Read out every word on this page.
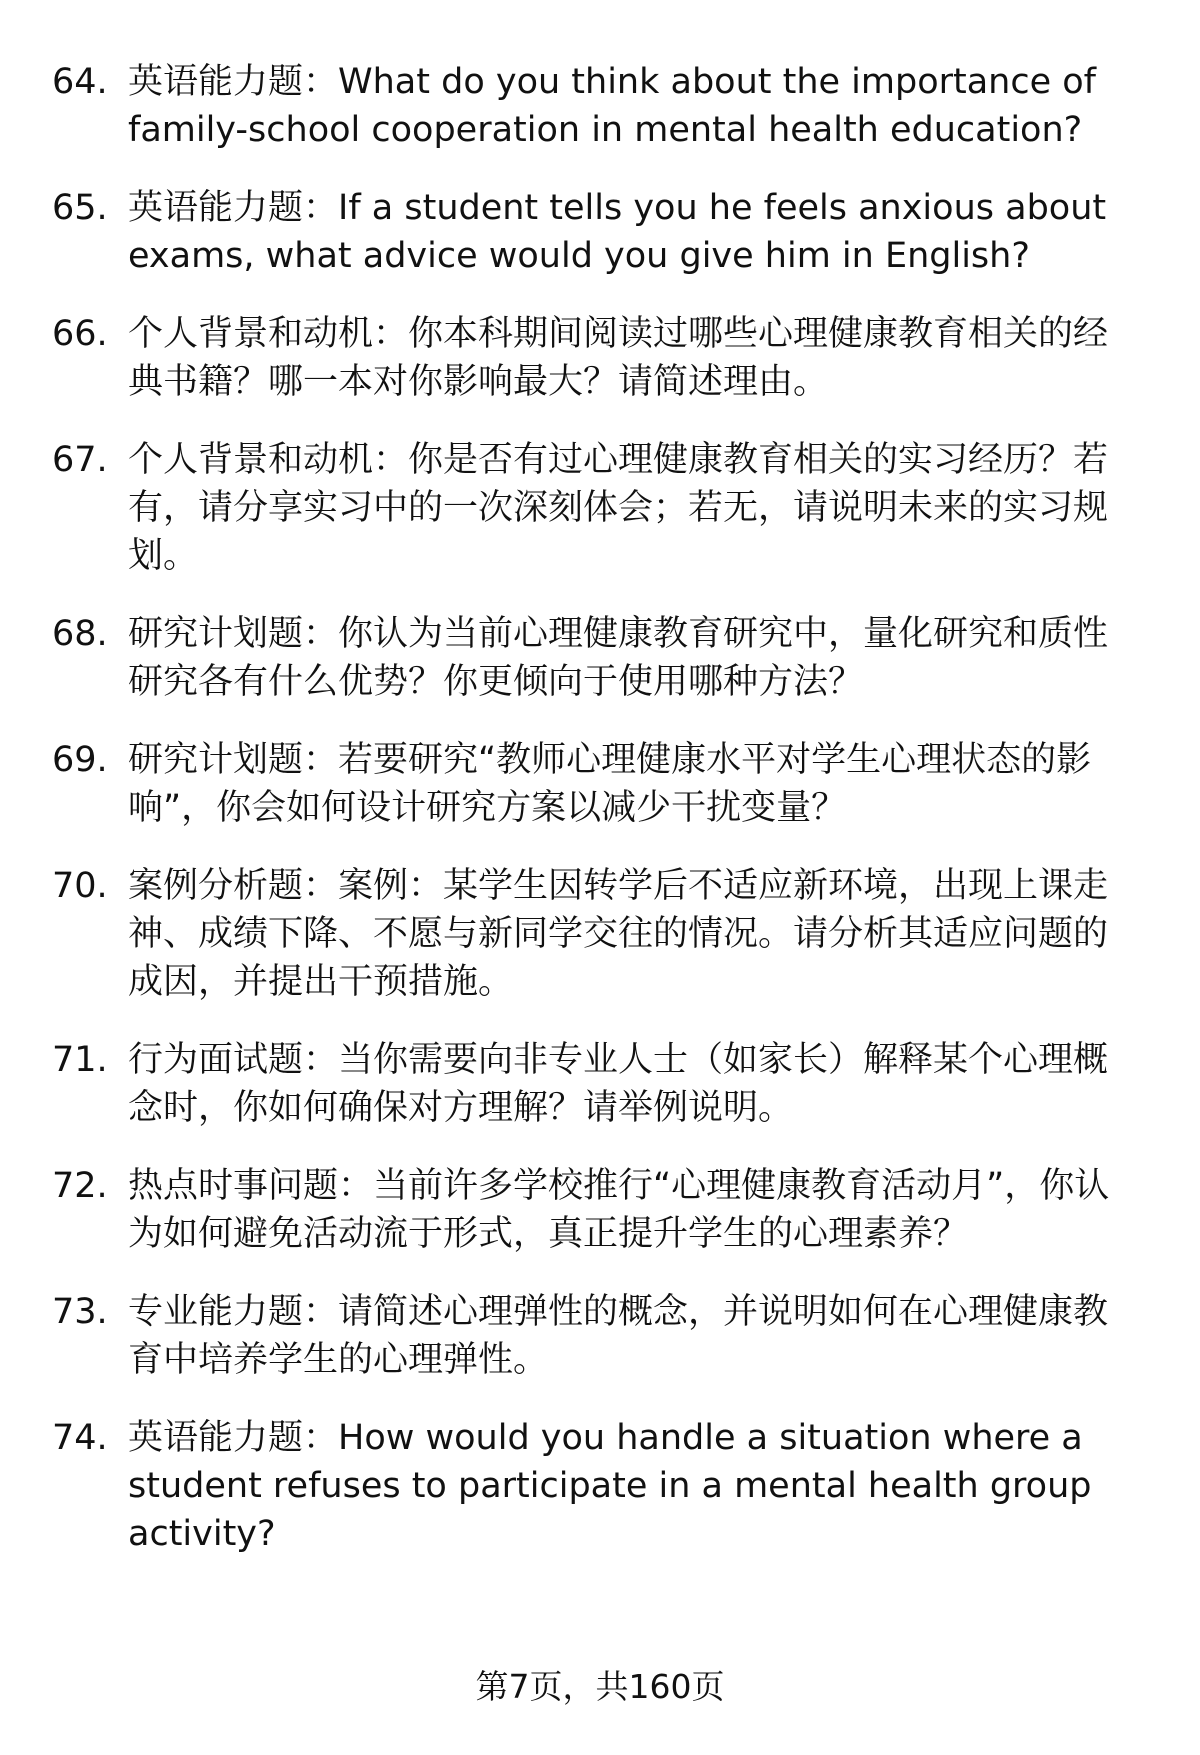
64. 英语能力题：What do you think about the importance of family-school cooperation in mental health education?
65. 英语能力题：If a student tells you he feels anxious about exams, what advice would you give him in English?
66. 个人背景和动机：你本科期间阅读过哪些心理健康教育相关的经典书籍？哪一本对你影响最大？请简述理由。
67. 个人背景和动机：你是否有过心理健康教育相关的实习经历？若有，请分享实习中的一次深刻体会；若无，请说明未来的实习规划。
68. 研究计划题：你认为当前心理健康教育研究中，量化研究和质性研究各有什么优势？你更倾向于使用哪种方法？
69. 研究计划题：若要研究“教师心理健康水平对学生心理状态的影响”，你会如何设计研究方案以减少干扰变量？
70. 案例分析题：案例：某学生因转学后不适应新环境，出现上课走神、成绩下降、不愿与新同学交往的情况。请分析其适应问题的成因，并提出干预措施。
71. 行为面试题：当你需要向非专业人士（如家长）解释某个心理概念时，你如何确保对方理解？请举例说明。
72. 热点时事问题：当前许多学校推行“心理健康教育活动月”，你认为如何避免活动流于形式，真正提升学生的心理素养？
73. 专业能力题：请简述心理弹性的概念，并说明如何在心理健康教育中培养学生的心理弹性。
74. 英语能力题：How would you handle a situation where a student refuses to participate in a mental health group activity?
第7页，共160页
